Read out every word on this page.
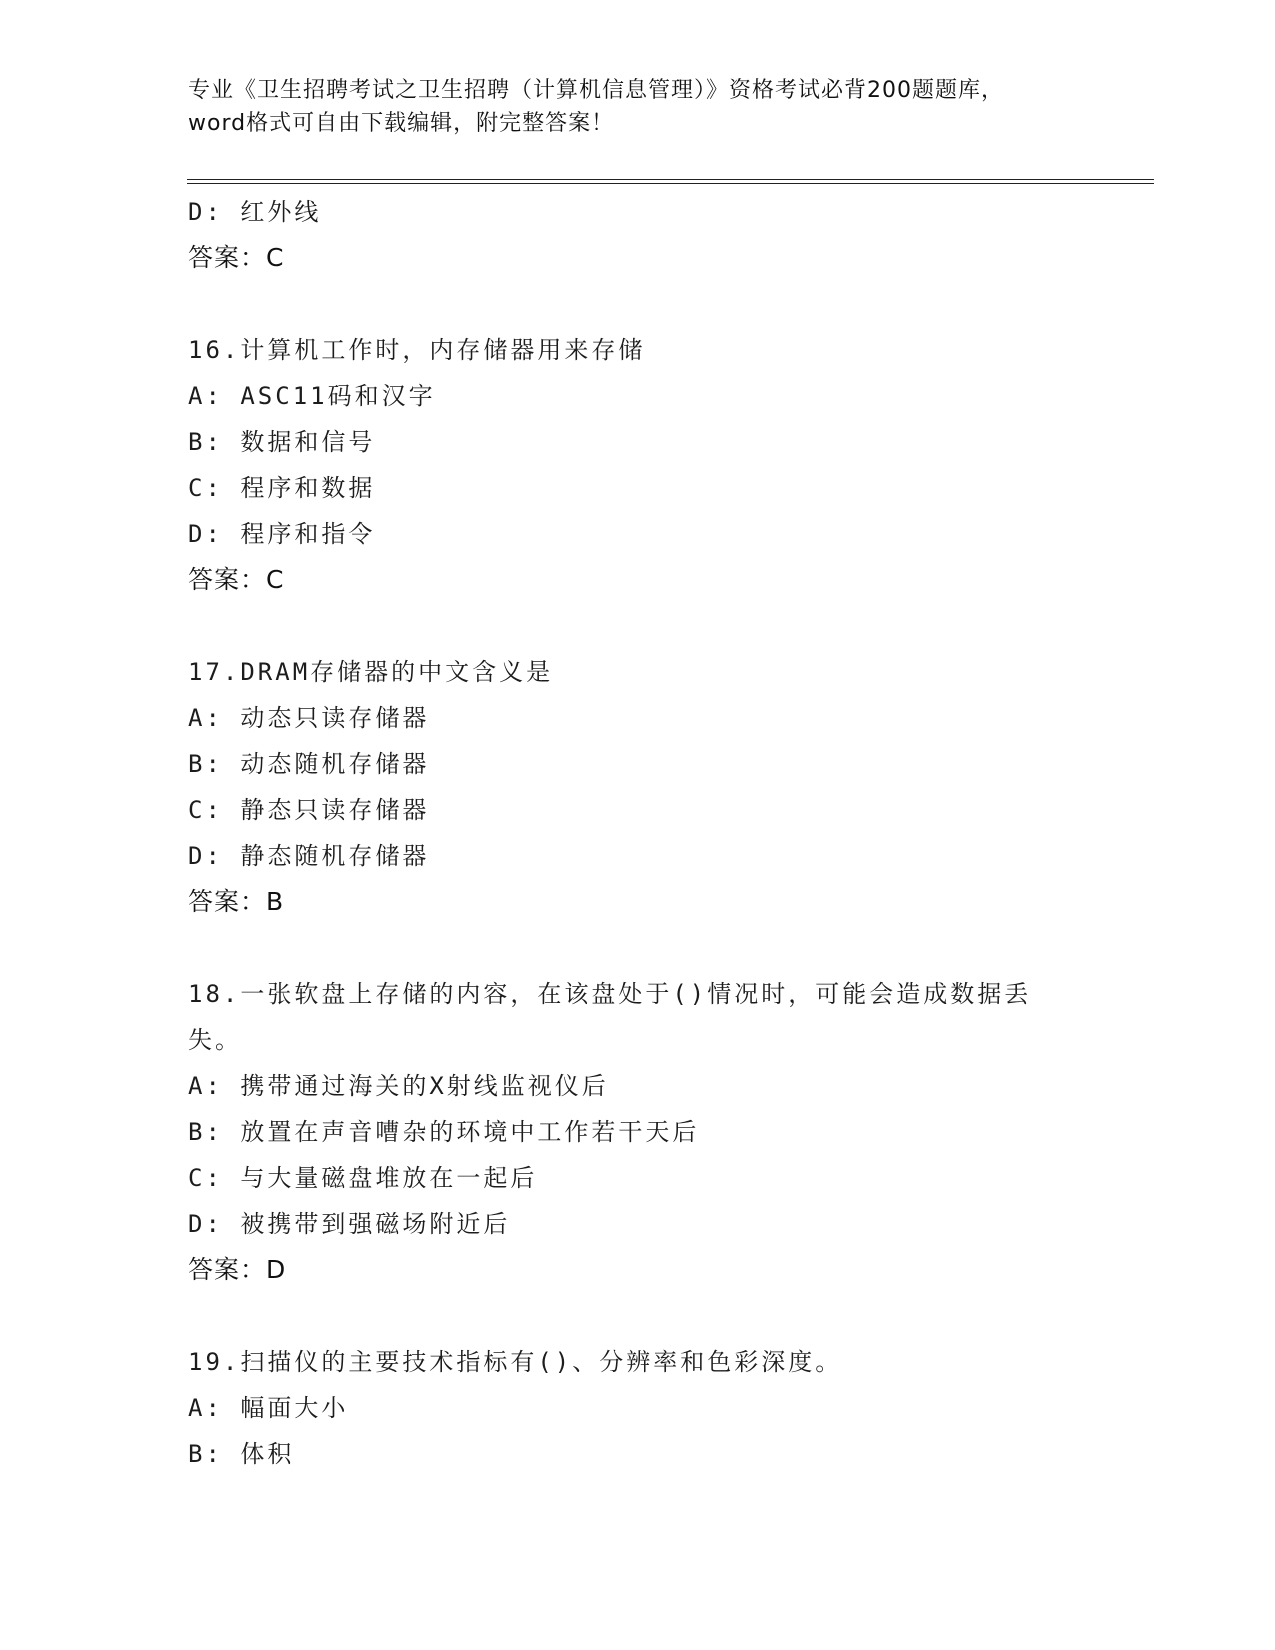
专业《卫生招聘考试之卫生招聘（计算机信息管理）》资格考试必背200题题库，
word格式可自由下载编辑，附完整答案！
D: 红外线
答案：C
16.计算机工作时，内存储器用来存储
A: ASC11码和汉字
B: 数据和信号
C: 程序和数据
D: 程序和指令
答案：C
17.DRAM存储器的中文含义是
A: 动态只读存储器
B: 动态随机存储器
C: 静态只读存储器
D: 静态随机存储器
答案：B
18.一张软盘上存储的内容，在该盘处于()情况时，可能会造成数据丢
失。
A: 携带通过海关的X射线监视仪后
B: 放置在声音嘈杂的环境中工作若干天后
C: 与大量磁盘堆放在一起后
D: 被携带到强磁场附近后
答案：D
19.扫描仪的主要技术指标有()、分辨率和色彩深度。
A: 幅面大小
B: 体积
